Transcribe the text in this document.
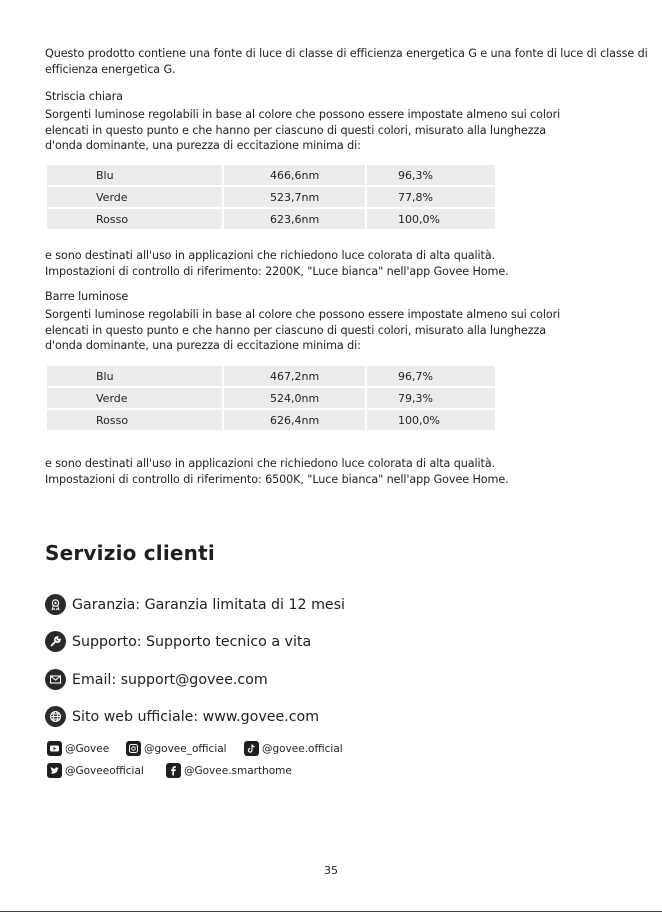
Questo prodotto contiene una fonte di luce di classe di efficienza energetica G e una fonte di luce di classe di
efficienza energetica G.

Striscia chiara

Sorgenti luminose regolabili in base al colore che possono essere impostate almeno sui colori
elencati in questo punto e che hanno per ciascuno di questi colori, misurato alla lunghezza
d'onda dominante, una purezza di eccitazione minima di:

Blu	466,6nm	96,3%
Verde	523,7nm	77,8%
Rosso	623,6nm	100,0%

e sono destinati all'uso in applicazioni che richiedono luce colorata di alta qualità.
Impostazioni di controllo di riferimento: 2200K, "Luce bianca" nell'app Govee Home.

Barre luminose

Sorgenti luminose regolabili in base al colore che possono essere impostate almeno sui colori
elencati in questo punto e che hanno per ciascuno di questi colori, misurato alla lunghezza
d'onda dominante, una purezza di eccitazione minima di:

Blu	467,2nm	96,7%
Verde	524,0nm	79,3%
Rosso	626,4nm	100,0%

e sono destinati all'uso in applicazioni che richiedono luce colorata di alta qualità.
Impostazioni di controllo di riferimento: 6500K, "Luce bianca" nell'app Govee Home.

Servizio clienti
Garanzia: Garanzia limitata di 12 mesi
Supporto: Supporto tecnico a vita
Email: support@govee.com
Sito web ufficiale: www.govee.com
@Govee	@govee_official	@govee.official
@Goveeofficial	@Govee.smarthome
35
